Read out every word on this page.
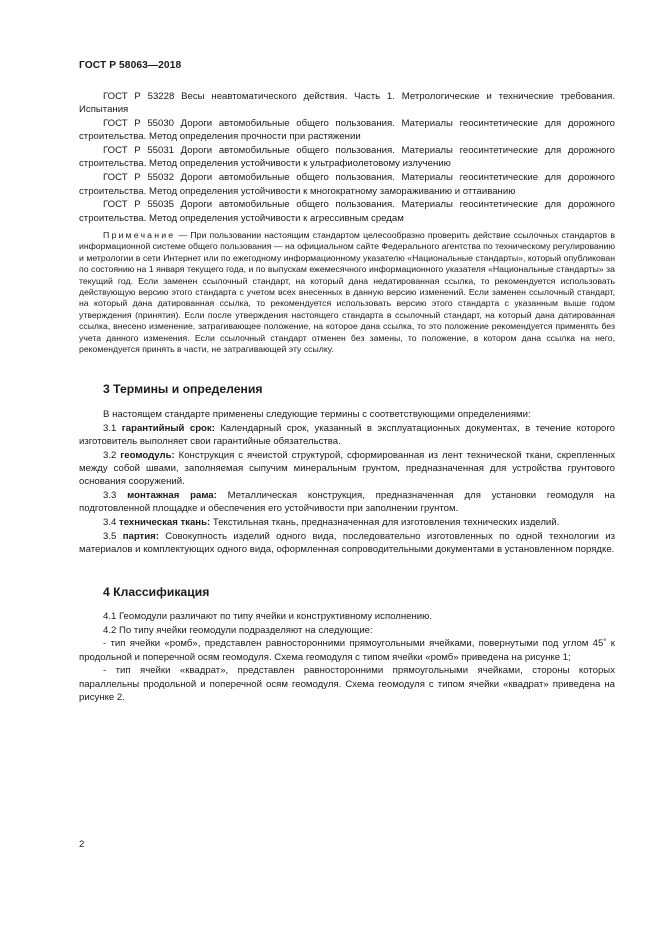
ГОСТ Р 58063—2018

ГОСТ Р 53228 Весы неавтоматического действия. Часть 1. Метрологические и технические требования. Испытания

ГОСТ Р 55030 Дороги автомобильные общего пользования. Материалы геосинтетические для дорожного строительства. Метод определения прочности при растяжении

ГОСТ Р 55031 Дороги автомобильные общего пользования. Материалы геосинтетические для дорожного строительства. Метод определения устойчивости к ультрафиолетовому излучению

ГОСТ Р 55032 Дороги автомобильные общего пользования. Материалы геосинтетические для дорожного строительства. Метод определения устойчивости к многократному замораживанию и оттаиванию

ГОСТ Р 55035 Дороги автомобильные общего пользования. Материалы геосинтетические для дорожного строительства. Метод определения устойчивости к агрессивным средам

Примечание — При пользовании настоящим стандартом целесообразно проверить действие ссылочных стандартов в информационной системе общего пользования — на официальном сайте Федерального агентства по техническому регулированию и метрологии в сети Интернет или по ежегодному информационному указателю «Национальные стандарты», который опубликован по состоянию на 1 января текущего года, и по выпускам ежемесячного информационного указателя «Национальные стандарты» за текущий год. Если заменен ссылочный стандарт, на который дана недатированная ссылка, то рекомендуется использовать действующую версию этого стандарта с учетом всех внесенных в данную версию изменений. Если заменен ссылочный стандарт, на который дана датированная ссылка, то рекомендуется использовать версию этого стандарта с указанным выше годом утверждения (принятия). Если после утверждения настоящего стандарта в ссылочный стандарт, на который дана датированная ссылка, внесено изменение, затрагивающее положение, на которое дана ссылка, то это положение рекомендуется применять без учета данного изменения. Если ссылочный стандарт отменен без замены, то положение, в котором дана ссылка на него, рекомендуется принять в части, не затрагивающей эту ссылку.

3 Термины и определения

В настоящем стандарте применены следующие термины с соответствующими определениями:

3.1 гарантийный срок: Календарный срок, указанный в эксплуатационных документах, в течение которого изготовитель выполняет свои гарантийные обязательства.

3.2 геомодуль: Конструкция с ячеистой структурой, сформированная из лент технической ткани, скрепленных между собой швами, заполняемая сыпучим минеральным грунтом, предназначенная для устройства грунтового основания сооружений.

3.3 монтажная рама: Металлическая конструкция, предназначенная для установки геомодуля на подготовленной площадке и обеспечения его устойчивости при заполнении грунтом.

3.4 техническая ткань: Текстильная ткань, предназначенная для изготовления технических изделий.

3.5 партия: Совокупность изделий одного вида, последовательно изготовленных по одной технологии из материалов и комплектующих одного вида, оформленная сопроводительными документами в установленном порядке.

4 Классификация

4.1 Геомодули различают по типу ячейки и конструктивному исполнению.

4.2 По типу ячейки геомодули подразделяют на следующие:

- тип ячейки «ромб», представлен равносторонними прямоугольными ячейками, повернутыми под углом 45˚ к продольной и поперечной осям геомодуля. Схема геомодуля с типом ячейки «ромб» приведена на рисунке 1;

- тип ячейки «квадрат», представлен равносторонними прямоугольными ячейками, стороны которых параллельны продольной и поперечной осям геомодуля. Схема геомодуля с типом ячейки «квадрат» приведена на рисунке 2.

2
